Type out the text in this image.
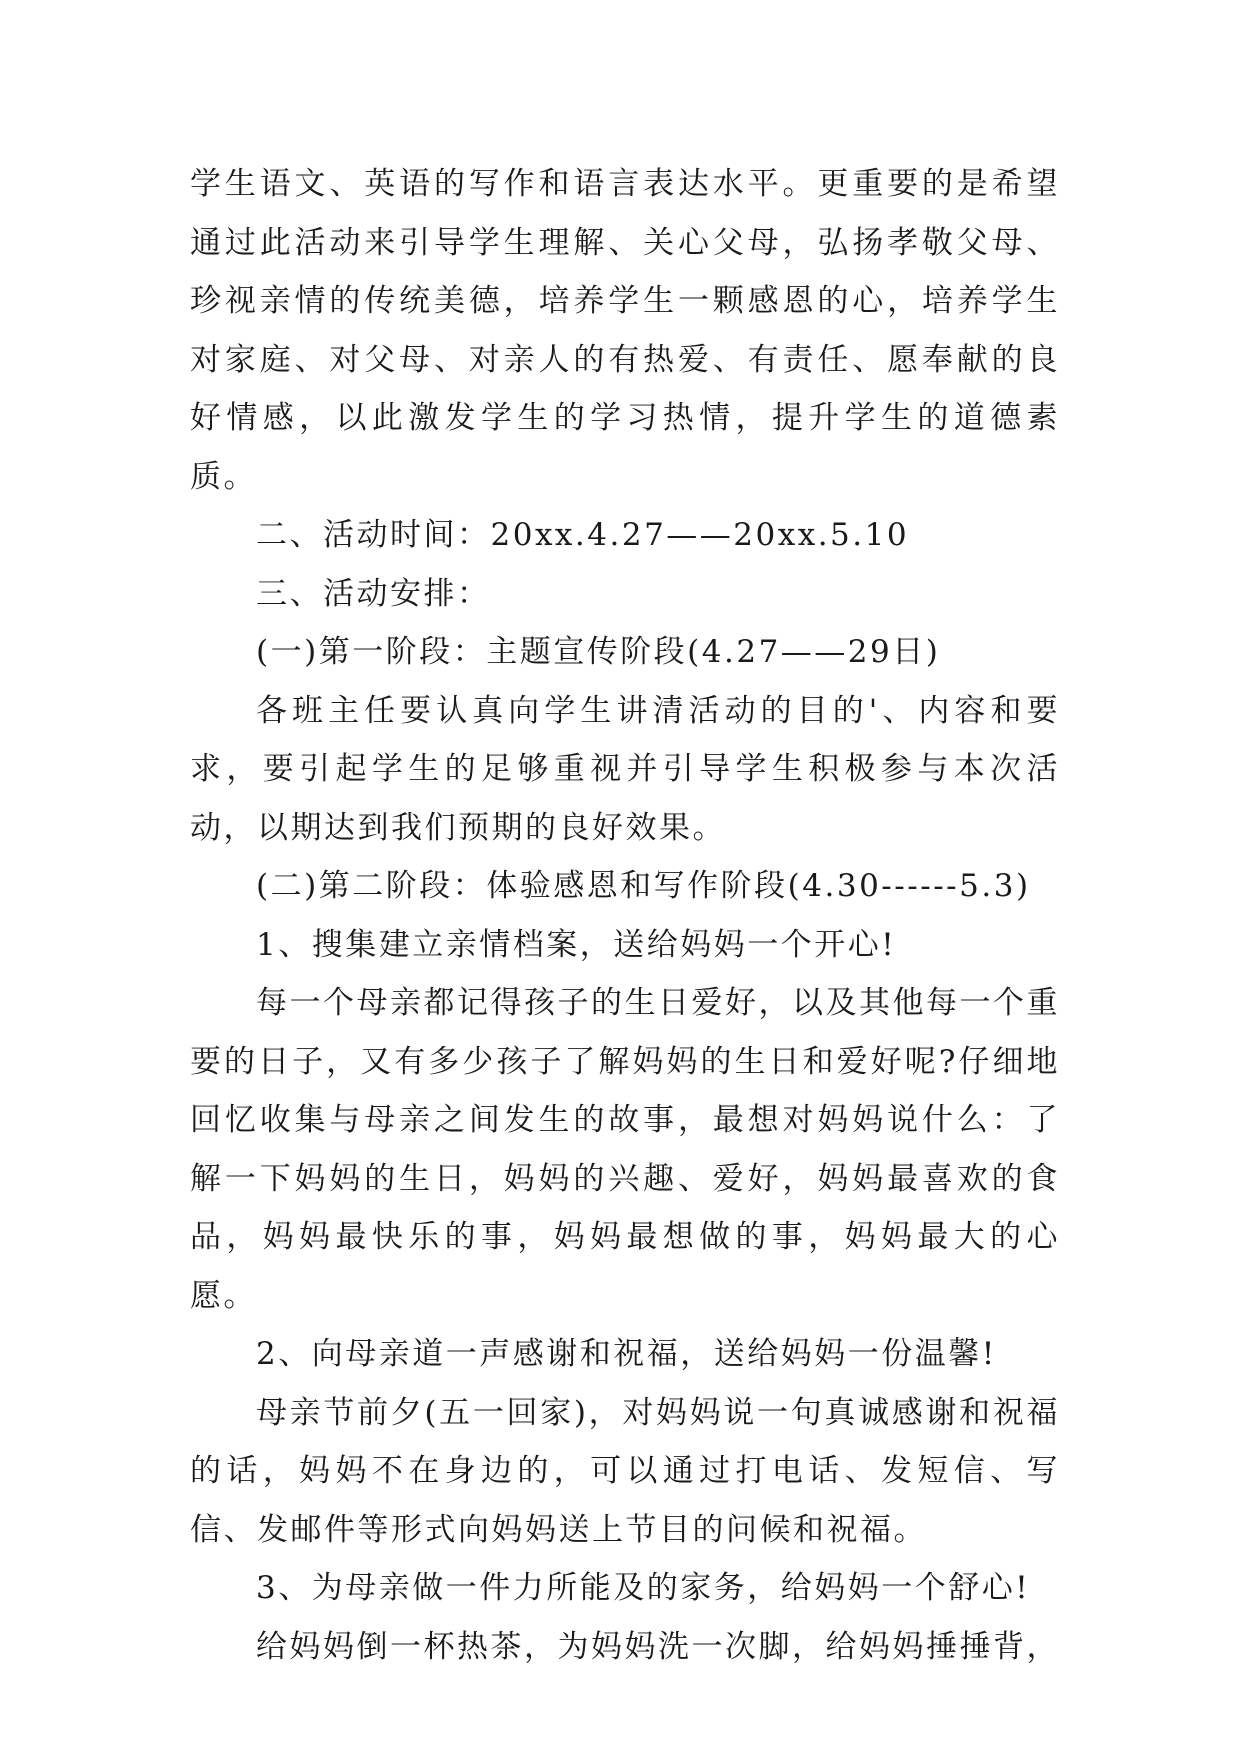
学生语文、英语的写作和语言表达水平。更重要的是希望通过此活动来引导学生理解、关心父母，弘扬孝敬父母、珍视亲情的传统美德，培养学生一颗感恩的心，培养学生对家庭、对父母、对亲人的有热爱、有责任、愿奉献的良好情感，以此激发学生的学习热情，提升学生的道德素质。

二、活动时间：20xx.4.27——20xx.5.10

三、活动安排：

(一)第一阶段：主题宣传阶段(4.27——29日)

各班主任要认真向学生讲清活动的目的'、内容和要求，要引起学生的足够重视并引导学生积极参与本次活动，以期达到我们预期的良好效果。

(二)第二阶段：体验感恩和写作阶段(4.30------5.3)

1、搜集建立亲情档案，送给妈妈一个开心!

每一个母亲都记得孩子的生日爱好，以及其他每一个重要的日子，又有多少孩子了解妈妈的生日和爱好呢?仔细地回忆收集与母亲之间发生的故事，最想对妈妈说什么：了解一下妈妈的生日，妈妈的兴趣、爱好，妈妈最喜欢的食品，妈妈最快乐的事，妈妈最想做的事，妈妈最大的心愿。

2、向母亲道一声感谢和祝福，送给妈妈一份温馨!

母亲节前夕(五一回家)，对妈妈说一句真诚感谢和祝福的话，妈妈不在身边的，可以通过打电话、发短信、写信、发邮件等形式向妈妈送上节目的问候和祝福。

3、为母亲做一件力所能及的家务，给妈妈一个舒心!

给妈妈倒一杯热茶，为妈妈洗一次脚，给妈妈捶捶背，
